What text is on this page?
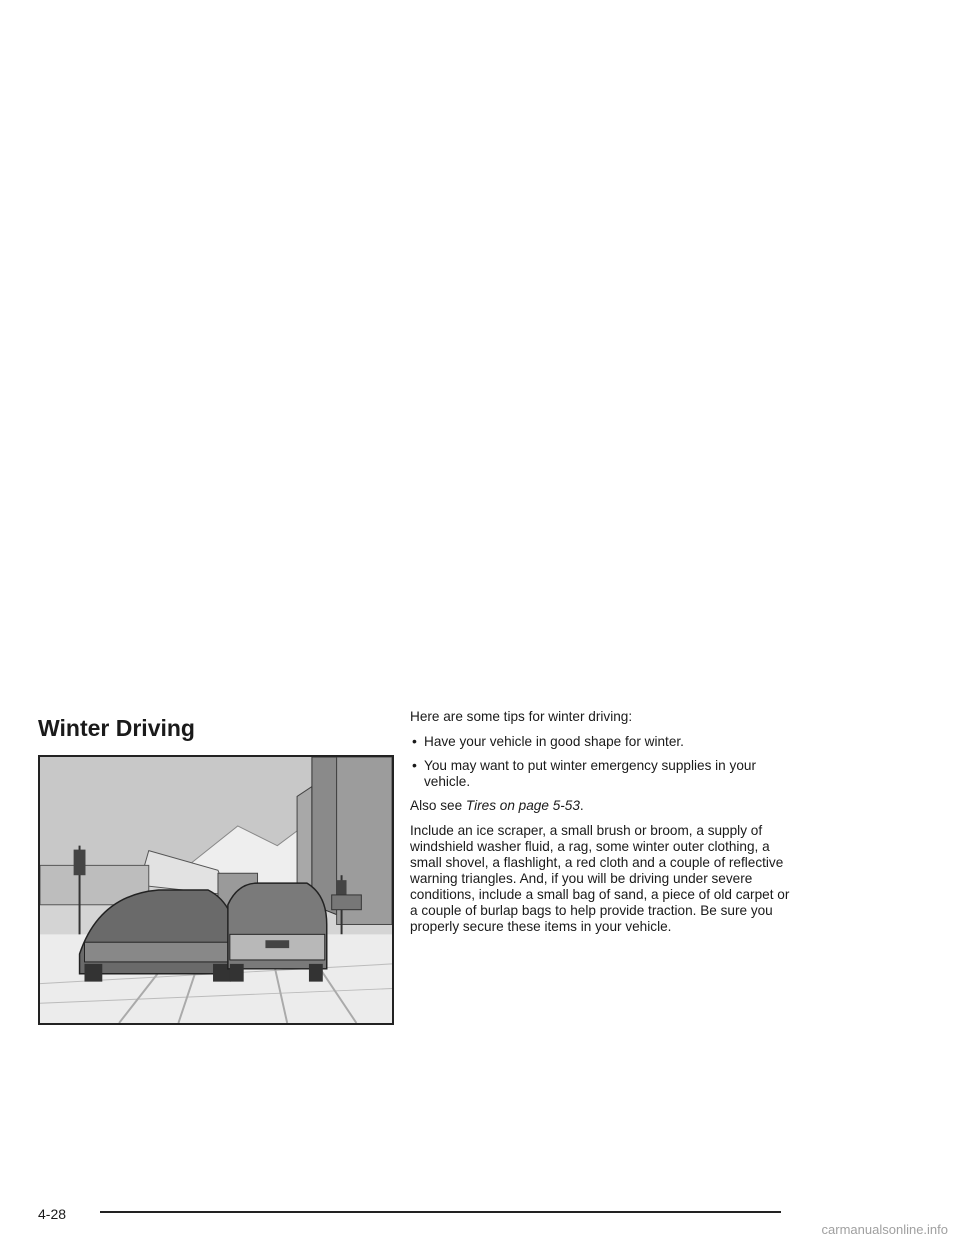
Winter Driving	Here are some tips for winter driving:

• Have your vehicle in good shape for winter.
• You may want to put winter emergency supplies in your vehicle.

Also see Tires on page 5-53.

Include an ice scraper, a small brush or broom, a supply of windshield washer fluid, a rag, some winter outer clothing, a small shovel, a flashlight, a red cloth and a couple of reflective warning triangles. And, if you will be driving under severe conditions, include a small bag of sand, a piece of old carpet or a couple of burlap bags to help provide traction. Be sure you properly secure these items in your vehicle.

4-28
carmanualsonline.info
